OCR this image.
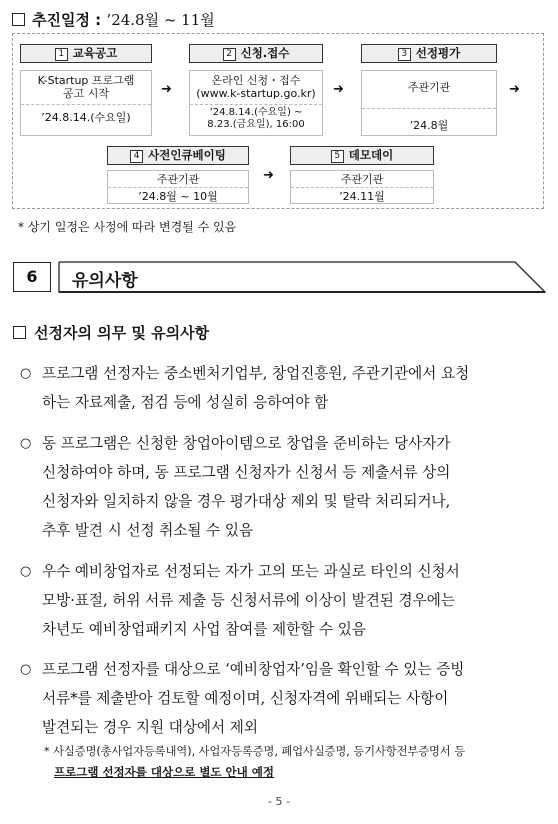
추진일정 : ’24.8월 ~ 11월
1 교육공고
K-Startup 프로그램
공고 시작
’24.8.14.(수요일)
➜
2 신청.접수
온라인 신청・접수
(www.k-startup.go.kr)
’24.8.14.(수요일) ~
8.23.(금요일), 16:00
➜
3 선정평가
주관기관
’24.8월
➜
4 사전인큐베이팅
주관기관
’24.8월 ~ 10월
➜
5 데모데이
주관기관
’24.11월
* 상기 일정은 사정에 따라 변경될 수 있음
6	유의사항
선정자의 의무 및 유의사항
○ 프로그램 선정자는 중소벤처기업부, 창업진흥원, 주관기관에서 요청
하는 자료제출, 점검 등에 성실히 응하여야 함
○ 동 프로그램은 신청한 창업아이템으로 창업을 준비하는 당사자가
신청하여야 하며, 동 프로그램 신청자가 신청서 등 제출서류 상의
신청자와 일치하지 않을 경우 평가대상 제외 및 탈락 처리되거나,
추후 발견 시 선정 취소될 수 있음
○ 우수 예비창업자로 선정되는 자가 고의 또는 과실로 타인의 신청서
모방·표절, 허위 서류 제출 등 신청서류에 이상이 발견된 경우에는
차년도 예비창업패키지 사업 참여를 제한할 수 있음
○ 프로그램 선정자를 대상으로 ‘예비창업자’임을 확인할 수 있는 증빙
서류*를 제출받아 검토할 예정이며, 신청자격에 위배되는 사항이
발견되는 경우 지원 대상에서 제외
* 사실증명(총사업자등록내역), 사업자등록증명, 폐업사실증명, 등기사항전부증명서 등
프로그램 선정자를 대상으로 별도 안내 예정
- 5 -
